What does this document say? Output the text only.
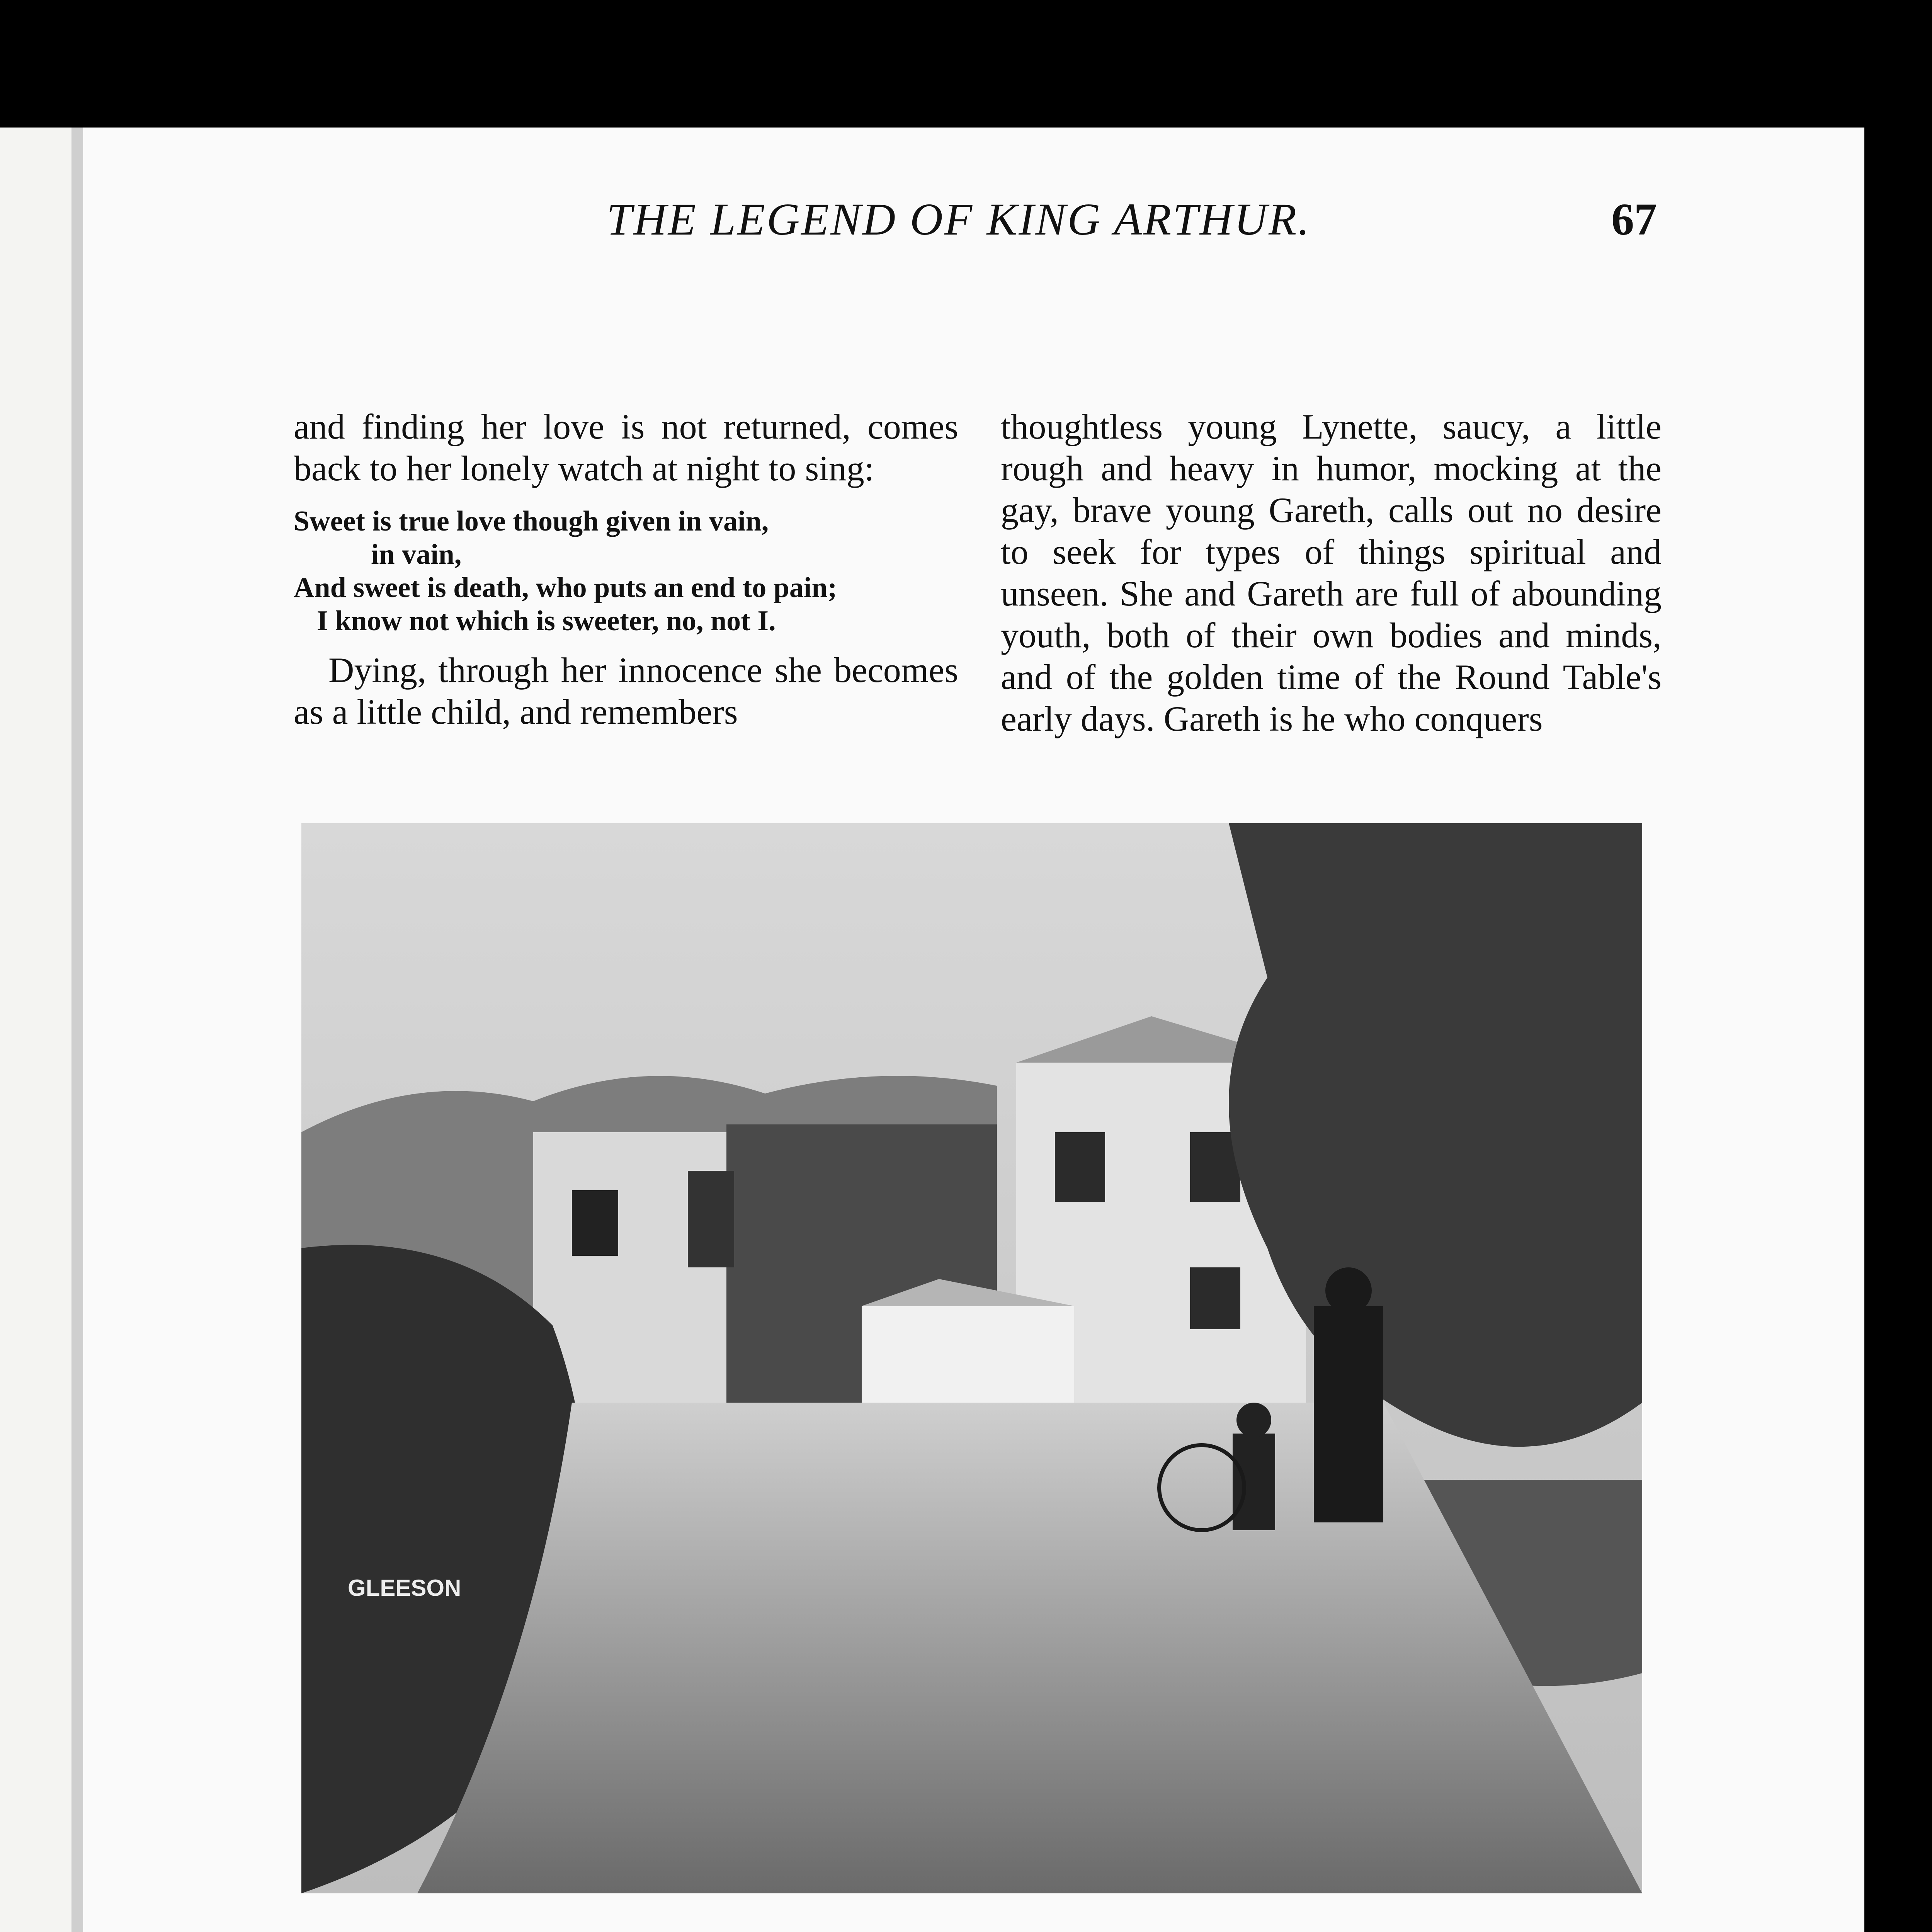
THE LEGEND OF KING ARTHUR.	67

and finding her love is not returned, comes back to her lonely watch at night to sing:

Sweet is true love though given in vain,
in vain,
And sweet is death, who puts an end to pain;
I know not which is sweeter, no, not I.

Dying, through her innocence she becomes as a little child, and remembers

thoughtless young Lynette, saucy, a little rough and heavy in humor, mocking at the gay, brave young Gareth, calls out no desire to seek for types of things spiritual and unseen. She and Gareth are full of abounding youth, both of their own bodies and minds, and of the golden time of the Round Table's early days. Gareth is he who conquers

GLEESON
